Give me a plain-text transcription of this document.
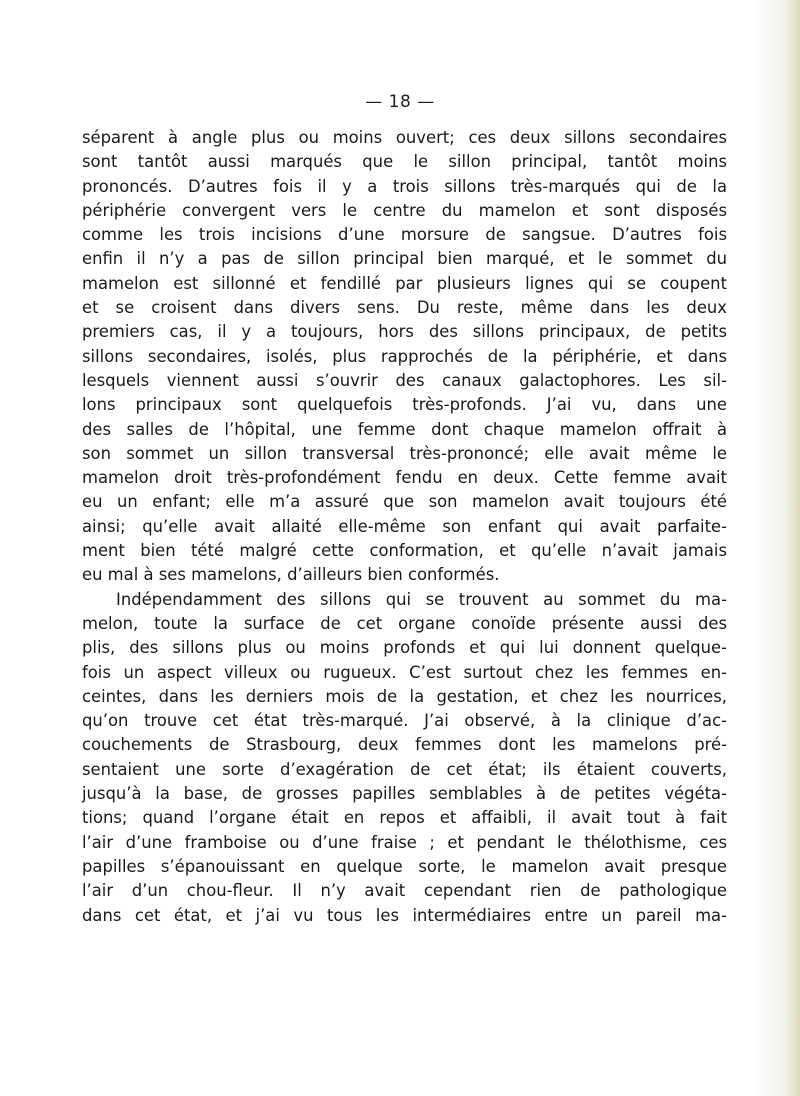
— 18 —
séparent à angle plus ou moins ouvert; ces deux sillons secondaires
sont tantôt aussi marqués que le sillon principal, tantôt moins
prononcés. D’autres fois il y a trois sillons très-marqués qui de la
périphérie convergent vers le centre du mamelon et sont disposés
comme les trois incisions d’une morsure de sangsue. D’autres fois
enfin il n’y a pas de sillon principal bien marqué, et le sommet du
mamelon est sillonné et fendillé par plusieurs lignes qui se coupent
et se croisent dans divers sens. Du reste, même dans les deux
premiers cas, il y a toujours, hors des sillons principaux, de petits
sillons secondaires, isolés, plus rapprochés de la périphérie, et dans
lesquels viennent aussi s’ouvrir des canaux galactophores. Les sil-
lons principaux sont quelquefois très-profonds. J’ai vu, dans une
des salles de l’hôpital, une femme dont chaque mamelon offrait à
son sommet un sillon transversal très-prononcé; elle avait même le
mamelon droit très-profondément fendu en deux. Cette femme avait
eu un enfant; elle m’a assuré que son mamelon avait toujours été
ainsi; qu’elle avait allaité elle-même son enfant qui avait parfaite-
ment bien tété malgré cette conformation, et qu’elle n’avait jamais
eu mal à ses mamelons, d’ailleurs bien conformés.
Indépendamment des sillons qui se trouvent au sommet du ma-
melon, toute la surface de cet organe conoïde présente aussi des
plis, des sillons plus ou moins profonds et qui lui donnent quelque-
fois un aspect villeux ou rugueux. C’est surtout chez les femmes en-
ceintes, dans les derniers mois de la gestation, et chez les nourrices,
qu’on trouve cet état très-marqué. J’ai observé, à la clinique d’ac-
couchements de Strasbourg, deux femmes dont les mamelons pré-
sentaient une sorte d’exagération de cet état; ils étaient couverts,
jusqu’à la base, de grosses papilles semblables à de petites végéta-
tions; quand l’organe était en repos et affaibli, il avait tout à fait
l’air d’une framboise ou d’une fraise ; et pendant le thélothisme, ces
papilles s’épanouissant en quelque sorte, le mamelon avait presque
l’air d’un chou-fleur. Il n’y avait cependant rien de pathologique
dans cet état, et j’ai vu tous les intermédiaires entre un pareil ma-
